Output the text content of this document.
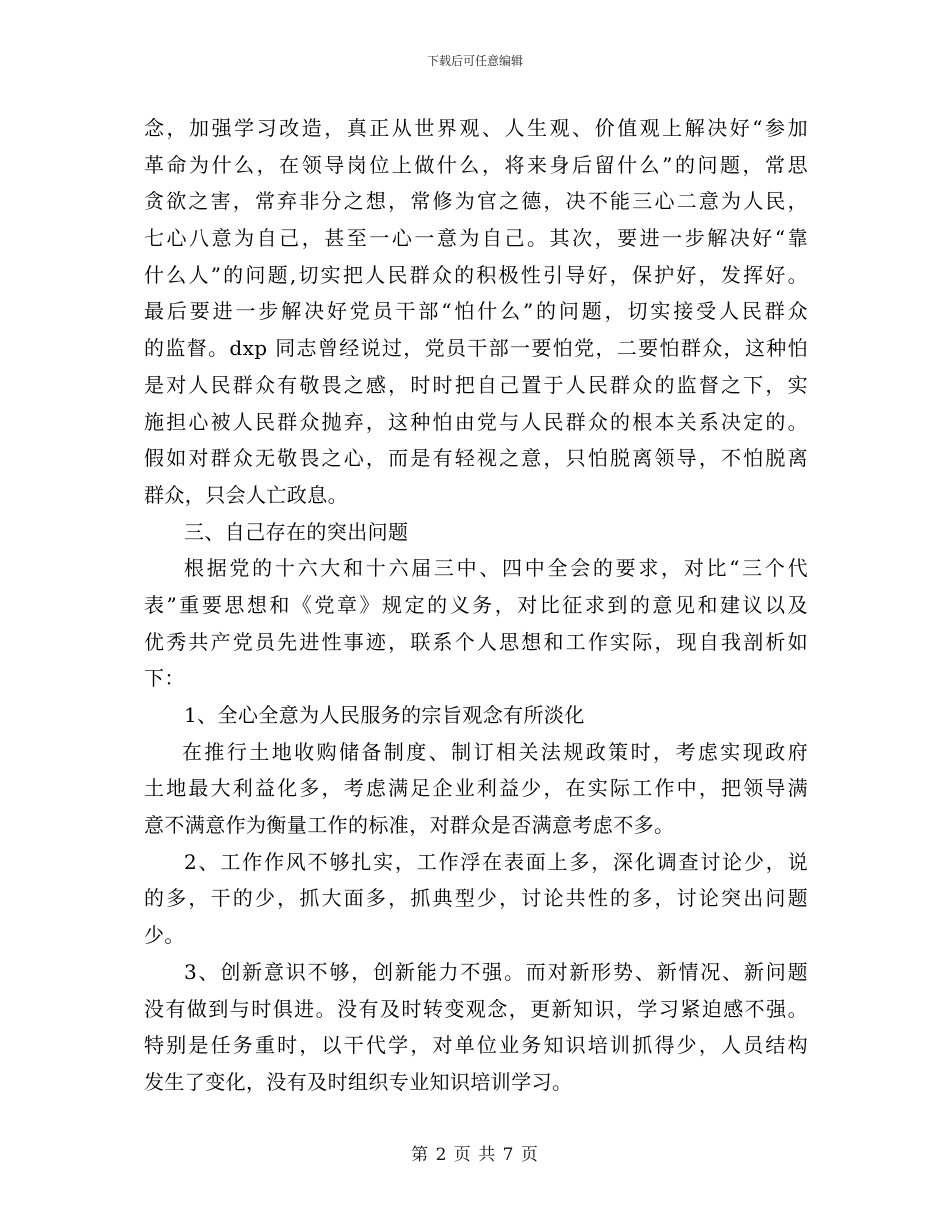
下载后可任意编辑
念，加强学习改造，真正从世界观、人生观、价值观上解决好“参加
革命为什么，在领导岗位上做什么，将来身后留什么”的问题，常思
贪欲之害，常弃非分之想，常修为官之德，决不能三心二意为人民，
七心八意为自己，甚至一心一意为自己。其次，要进一步解决好“靠
什么人”的问题,切实把人民群众的积极性引导好，保护好，发挥好。
最后要进一步解决好党员干部“怕什么”的问题，切实接受人民群众
的监督。dxp 同志曾经说过，党员干部一要怕党，二要怕群众，这种怕
是对人民群众有敬畏之感，时时把自己置于人民群众的监督之下，实
施担心被人民群众抛弃，这种怕由党与人民群众的根本关系决定的。
假如对群众无敬畏之心，而是有轻视之意，只怕脱离领导，不怕脱离
群众，只会人亡政息。
三、自己存在的突出问题
根据党的十六大和十六届三中、四中全会的要求，对比“三个代
表”重要思想和《党章》规定的义务，对比征求到的意见和建议以及
优秀共产党员先进性事迹，联系个人思想和工作实际，现自我剖析如
下：
1、全心全意为人民服务的宗旨观念有所淡化
在推行土地收购储备制度、制订相关法规政策时，考虑实现政府
土地最大利益化多，考虑满足企业利益少，在实际工作中，把领导满
意不满意作为衡量工作的标准，对群众是否满意考虑不多。
2、工作作风不够扎实，工作浮在表面上多，深化调查讨论少，说
的多，干的少，抓大面多，抓典型少，讨论共性的多，讨论突出问题
少。
3、创新意识不够，创新能力不强。而对新形势、新情况、新问题
没有做到与时俱进。没有及时转变观念，更新知识，学习紧迫感不强。
特别是任务重时，以干代学，对单位业务知识培训抓得少，人员结构
发生了变化，没有及时组织专业知识培训学习。
第 2 页 共 7 页
